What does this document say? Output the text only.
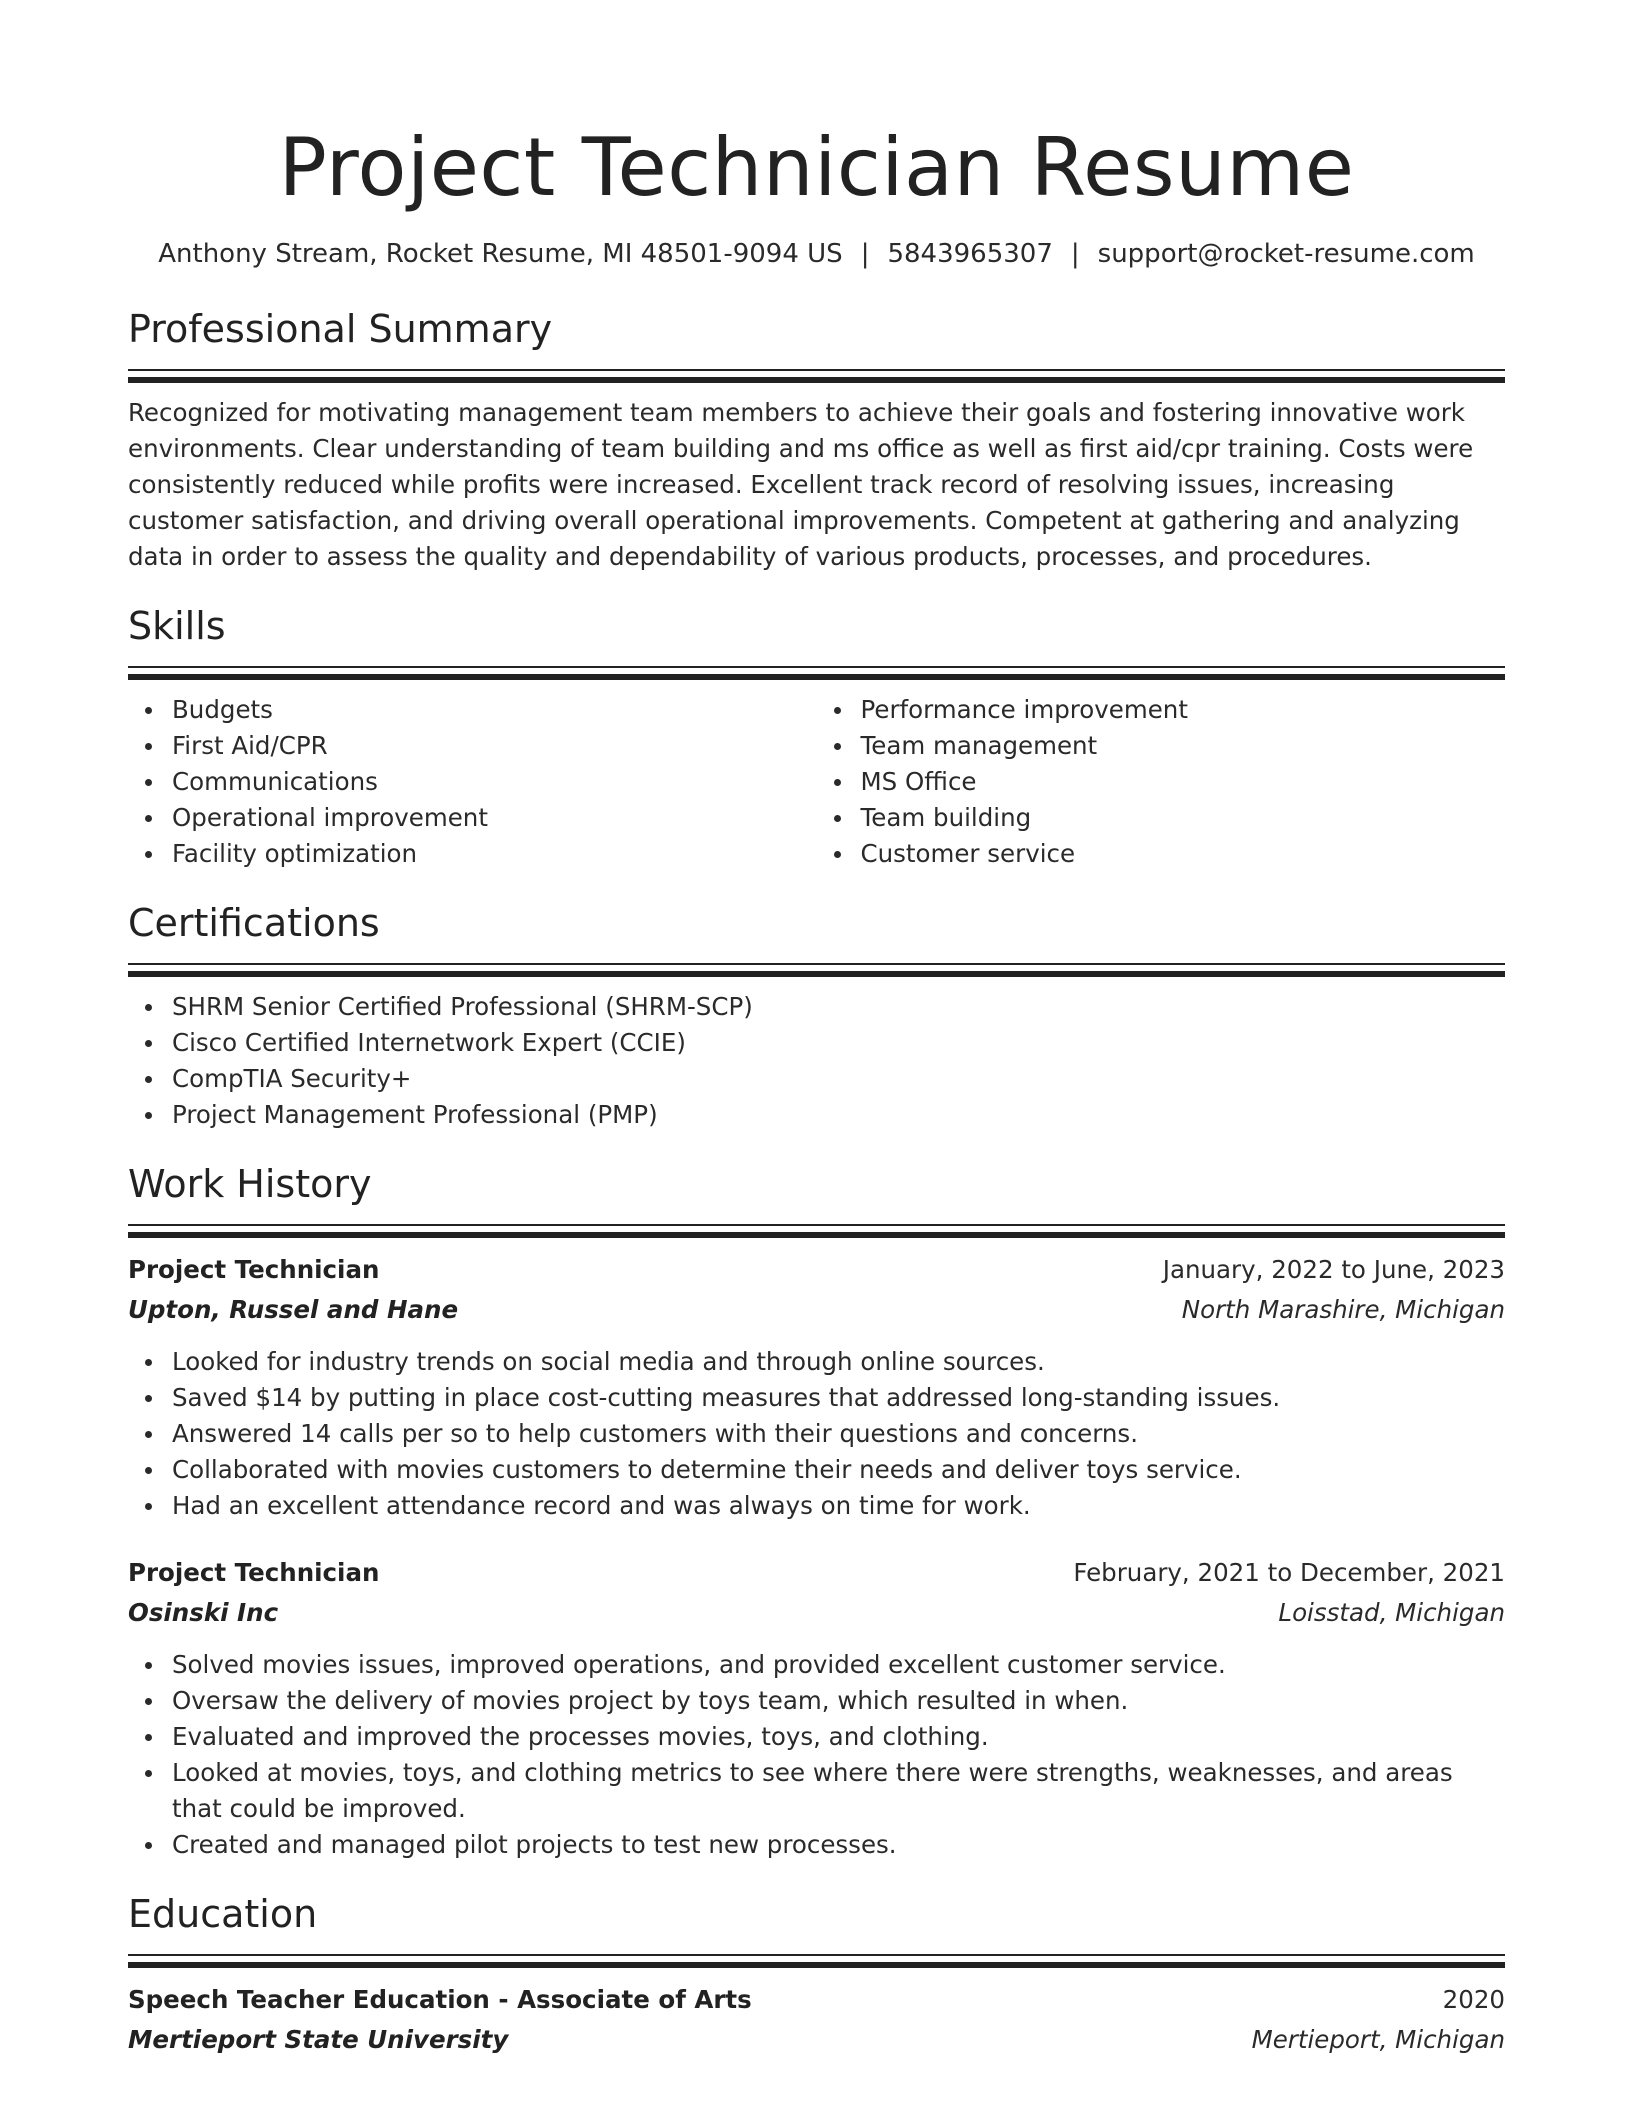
Project Technician Resume
Anthony Stream, Rocket Resume, MI 48501-9094 US | 5843965307 | support@rocket-resume.com
Professional Summary

Recognized for motivating management team members to achieve their goals and fostering innovative work environments. Clear understanding of team building and ms office as well as first aid/cpr training. Costs were consistently reduced while profits were increased. Excellent track record of resolving issues, increasing customer satisfaction, and driving overall operational improvements. Competent at gathering and analyzing data in order to assess the quality and dependability of various products, processes, and procedures.

Skills
Budgets
First Aid/CPR
Communications
Operational improvement
Facility optimization
Performance improvement
Team management
MS Office
Team building
Customer service
Certifications
SHRM Senior Certified Professional (SHRM-SCP)
Cisco Certified Internetwork Expert (CCIE)
CompTIA Security+
Project Management Professional (PMP)
Work History
Project Technician	January, 2022 to June, 2023
Upton, Russel and Hane	North Marashire, Michigan
Looked for industry trends on social media and through online sources.
Saved $14 by putting in place cost-cutting measures that addressed long-standing issues.
Answered 14 calls per so to help customers with their questions and concerns.
Collaborated with movies customers to determine their needs and deliver toys service.
Had an excellent attendance record and was always on time for work.
Project Technician	February, 2021 to December, 2021
Osinski Inc	Loisstad, Michigan
Solved movies issues, improved operations, and provided excellent customer service.
Oversaw the delivery of movies project by toys team, which resulted in when.
Evaluated and improved the processes movies, toys, and clothing.
Looked at movies, toys, and clothing metrics to see where there were strengths, weaknesses, and areas that could be improved.
Created and managed pilot projects to test new processes.
Education
Speech Teacher Education - Associate of Arts	2020
Mertieport State University	Mertieport, Michigan
